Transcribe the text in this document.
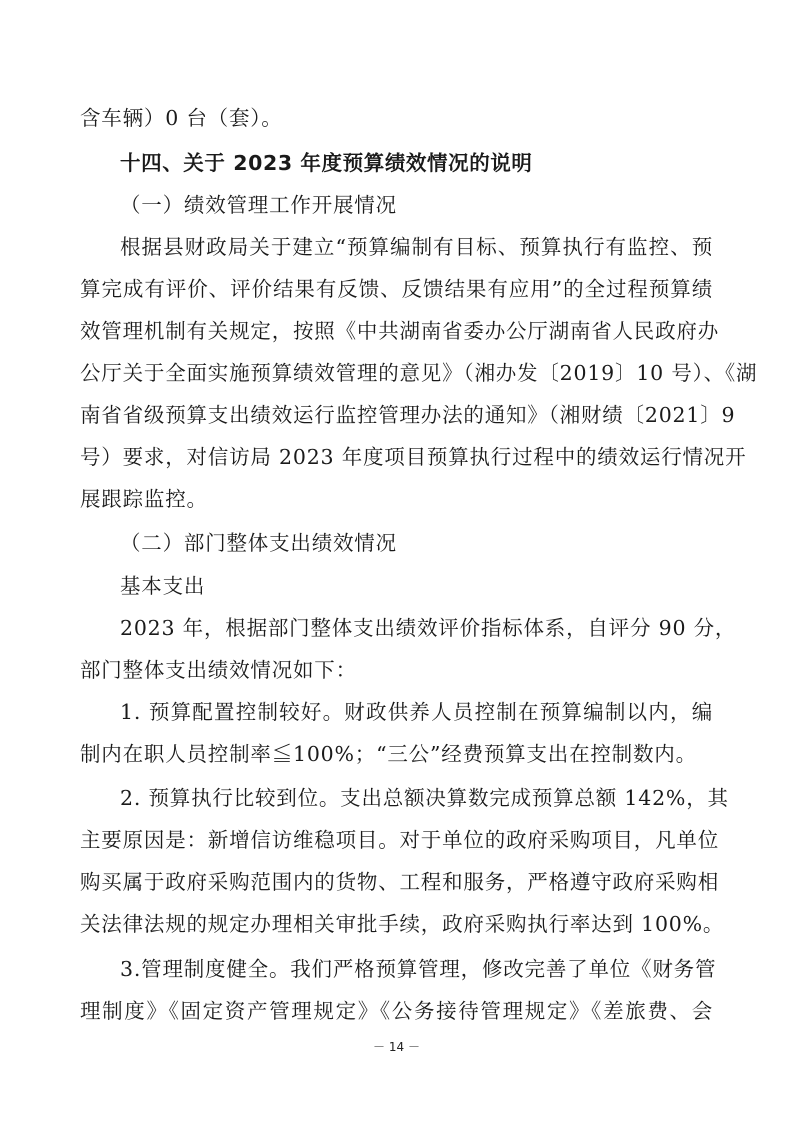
含车辆）0 台（套）。
十四、关于 2023 年度预算绩效情况的说明
（一）绩效管理工作开展情况
根据县财政局关于建立“预算编制有目标、预算执行有监控、预
算完成有评价、评价结果有反馈、反馈结果有应用”的全过程预算绩
效管理机制有关规定，按照《中共湖南省委办公厅湖南省人民政府办
公厅关于全面实施预算绩效管理的意见》（湘办发〔2019〕10 号）、《湖
南省省级预算支出绩效运行监控管理办法的通知》（湘财绩〔2021〕9
号）要求，对信访局 2023 年度项目预算执行过程中的绩效运行情况开
展跟踪监控。
（二）部门整体支出绩效情况
基本支出
2023 年，根据部门整体支出绩效评价指标体系，自评分 90 分，
部门整体支出绩效情况如下：
1. 预算配置控制较好。财政供养人员控制在预算编制以内，编
制内在职人员控制率≦100%；“三公”经费预算支出在控制数内。
2. 预算执行比较到位。支出总额决算数完成预算总额 142%，其
主要原因是：新增信访维稳项目。对于单位的政府采购项目，凡单位
购买属于政府采购范围内的货物、工程和服务，严格遵守政府采购相
关法律法规的规定办理相关审批手续，政府采购执行率达到 100%。
3.管理制度健全。我们严格预算管理，修改完善了单位《财务管
理制度》《固定资产管理规定》《公务接待管理规定》《差旅费、会
－ 14 －
